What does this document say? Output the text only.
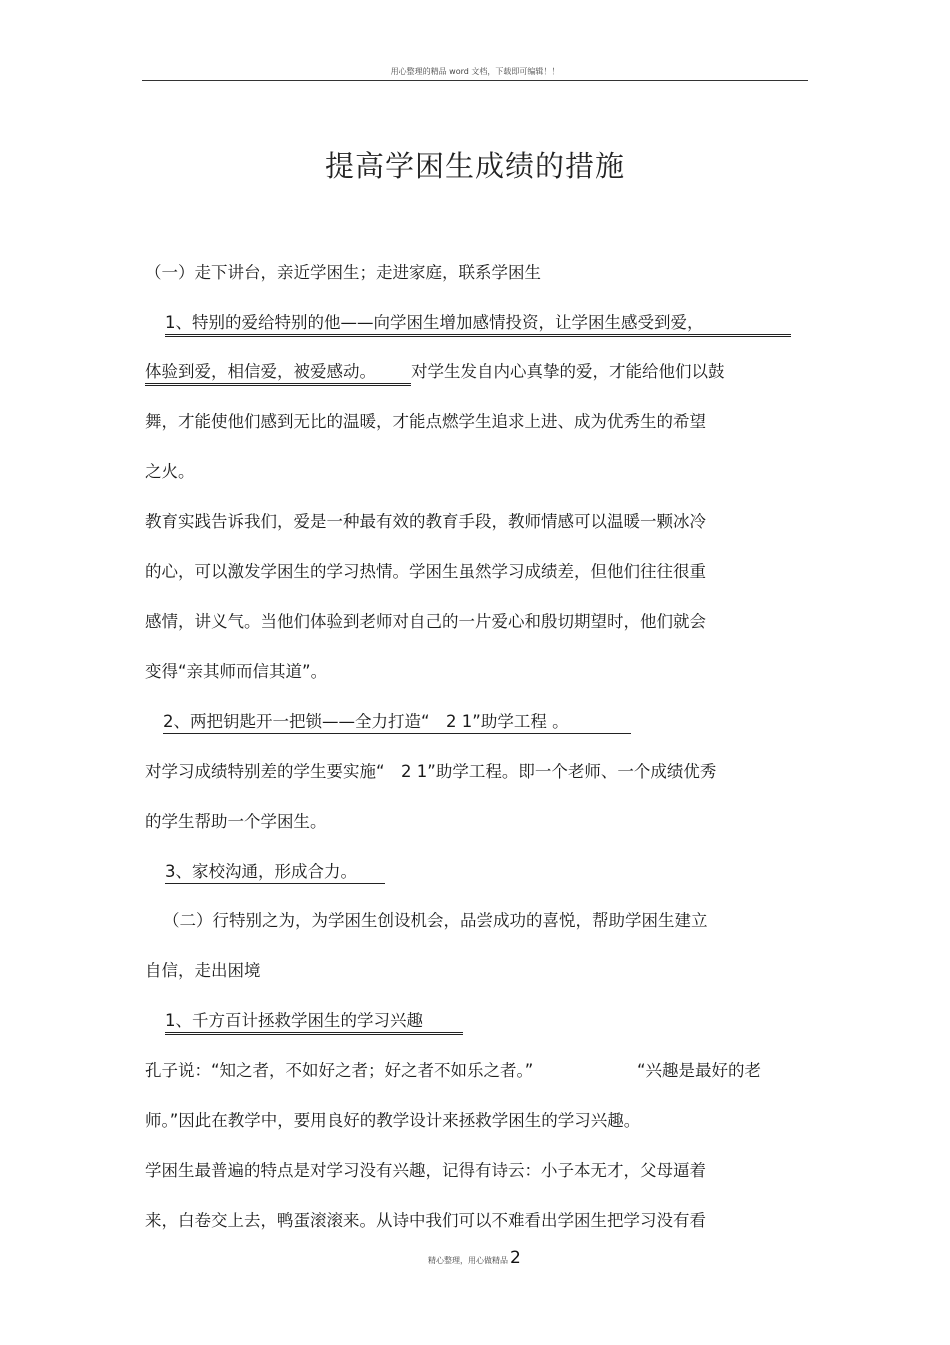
用心整理的精品 word 文档，下载即可编辑！！
提高学困生成绩的措施
（一）走下讲台，亲近学困生；走进家庭，联系学困生
1、特别的爱给特别的他——向学困生增加感情投资，让学困生感受到爱，
体验到爱，相信爱，被爱感动。 对学生发自内心真挚的爱，才能给他们以鼓
舞，才能使他们感到无比的温暖，才能点燃学生追求上进、成为优秀生的希望
之火。
教育实践告诉我们，爱是一种最有效的教育手段，教师情感可以温暖一颗冰冷
的心，可以激发学困生的学习热情。学困生虽然学习成绩差，但他们往往很重
感情，讲义气。当他们体验到老师对自己的一片爱心和殷切期望时，他们就会
变得“亲其师而信其道”。
2、两把钥匙开一把锁——全力打造“　2 1”助学工程 。
对学习成绩特别差的学生要实施“　2 1”助学工程。即一个老师、一个成绩优秀
的学生帮助一个学困生。
3、家校沟通，形成合力。
（二）行特别之为，为学困生创设机会，品尝成功的喜悦，帮助学困生建立
自信，走出困境
1、千方百计拯救学困生的学习兴趣
孔子说：“知之者，不如好之者；好之者不如乐之者。”	“兴趣是最好的老
师。”因此在教学中，要用良好的教学设计来拯救学困生的学习兴趣。
学困生最普遍的特点是对学习没有兴趣，记得有诗云：小子本无才，父母逼着
来，白卷交上去，鸭蛋滚滚来。从诗中我们可以不难看出学困生把学习没有看
精心整理，用心做精品 2
